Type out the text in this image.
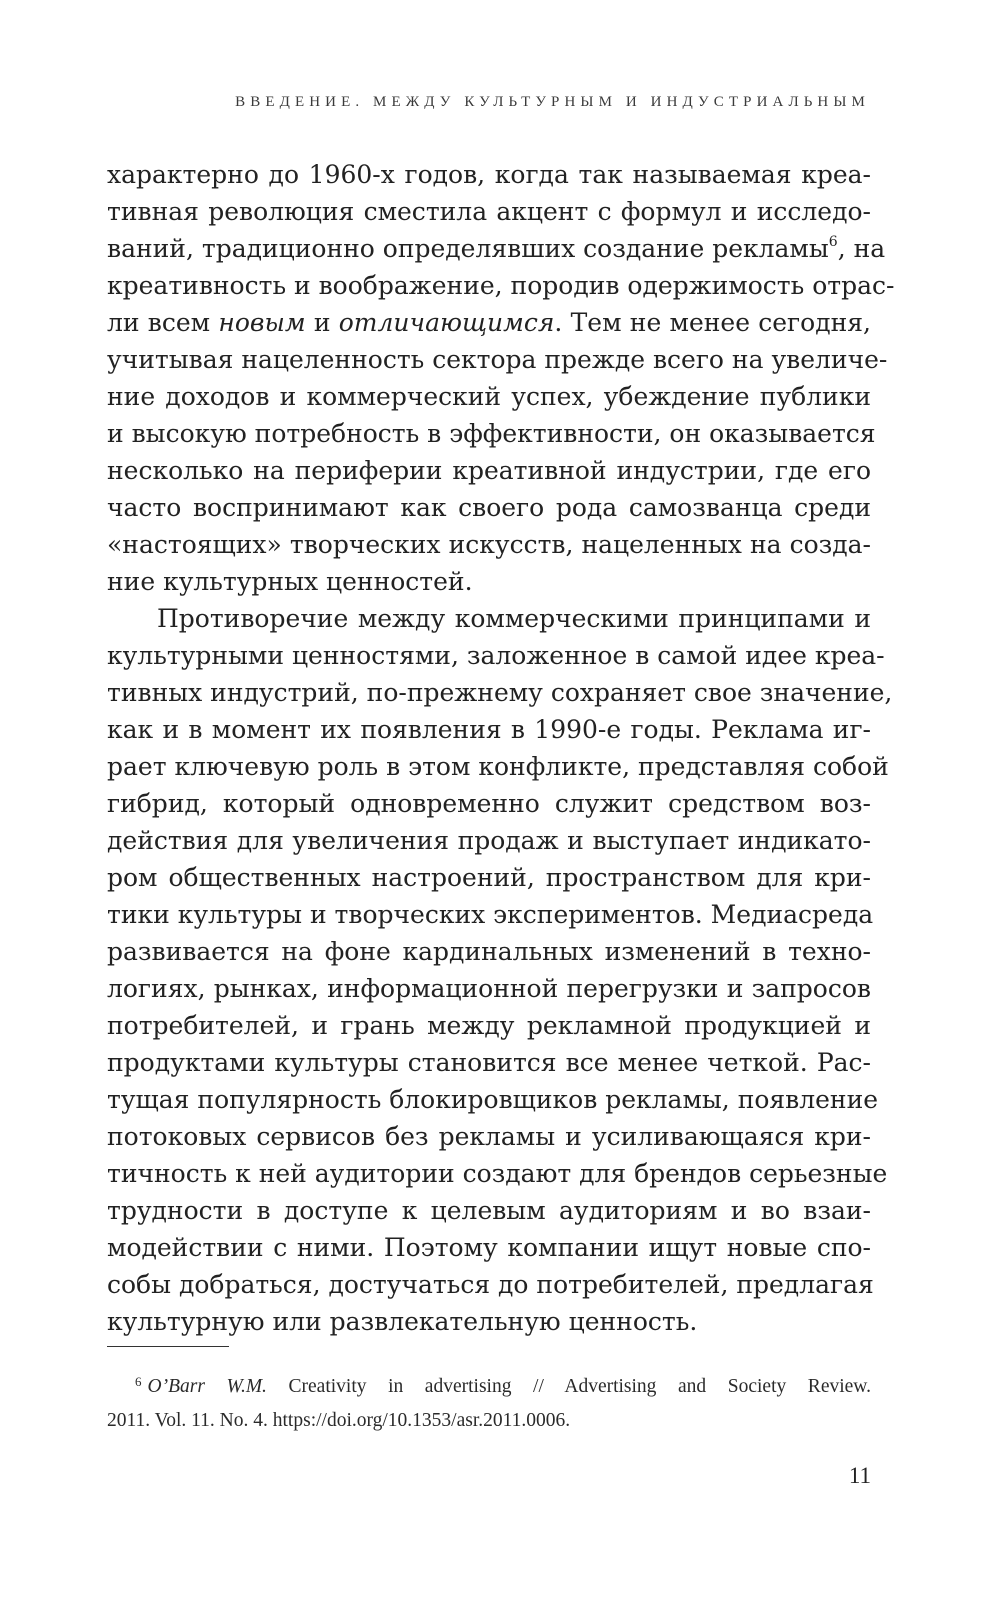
ВВЕДЕНИЕ. МЕЖДУ КУЛЬТУРНЫМ И ИНДУСТРИАЛЬНЫМ
характерно до 1960-х годов, когда так называемая креа-
тивная революция сместила акцент с формул и исследо-
ваний, традиционно определявших создание рекламы$^6$, на
креативность и воображение, породив одержимость отрас-
ли всем новым и отличающимся. Тем не менее сегодня,
учитывая нацеленность сектора прежде всего на увеличе-
ние доходов и коммерческий успех, убеждение публики
и высокую потребность в эффективности, он оказывается
несколько на периферии креативной индустрии, где его
часто воспринимают как своего рода самозванца среди
«настоящих» творческих искусств, нацеленных на созда-
ние культурных ценностей.
Противоречие между коммерческими принципами и
культурными ценностями, заложенное в самой идее креа-
тивных индустрий, по-прежнему сохраняет свое значение,
как и в момент их появления в 1990-е годы. Реклама иг-
рает ключевую роль в этом конфликте, представляя собой
гибрид, который одновременно служит средством воз-
действия для увеличения продаж и выступает индикато-
ром общественных настроений, пространством для кри-
тики культуры и творческих экспериментов. Медиасреда
развивается на фоне кардинальных изменений в техно-
логиях, рынках, информационной перегрузки и запросов
потребителей, и грань между рекламной продукцией и
продуктами культуры становится все менее четкой. Рас-
тущая популярность блокировщиков рекламы, появление
потоковых сервисов без рекламы и усиливающаяся кри-
тичность к ней аудитории создают для брендов серьезные
трудности в доступе к целевым аудиториям и во взаи-
модействии с ними. Поэтому компании ищут новые спо-
собы добраться, достучаться до потребителей, предлагая
культурную или развлекательную ценность.
6 O’Barr W.M. Creativity in advertising // Advertising and Society Review.
2011. Vol. 11. No. 4. https://doi.org/10.1353/asr.2011.0006.
11
